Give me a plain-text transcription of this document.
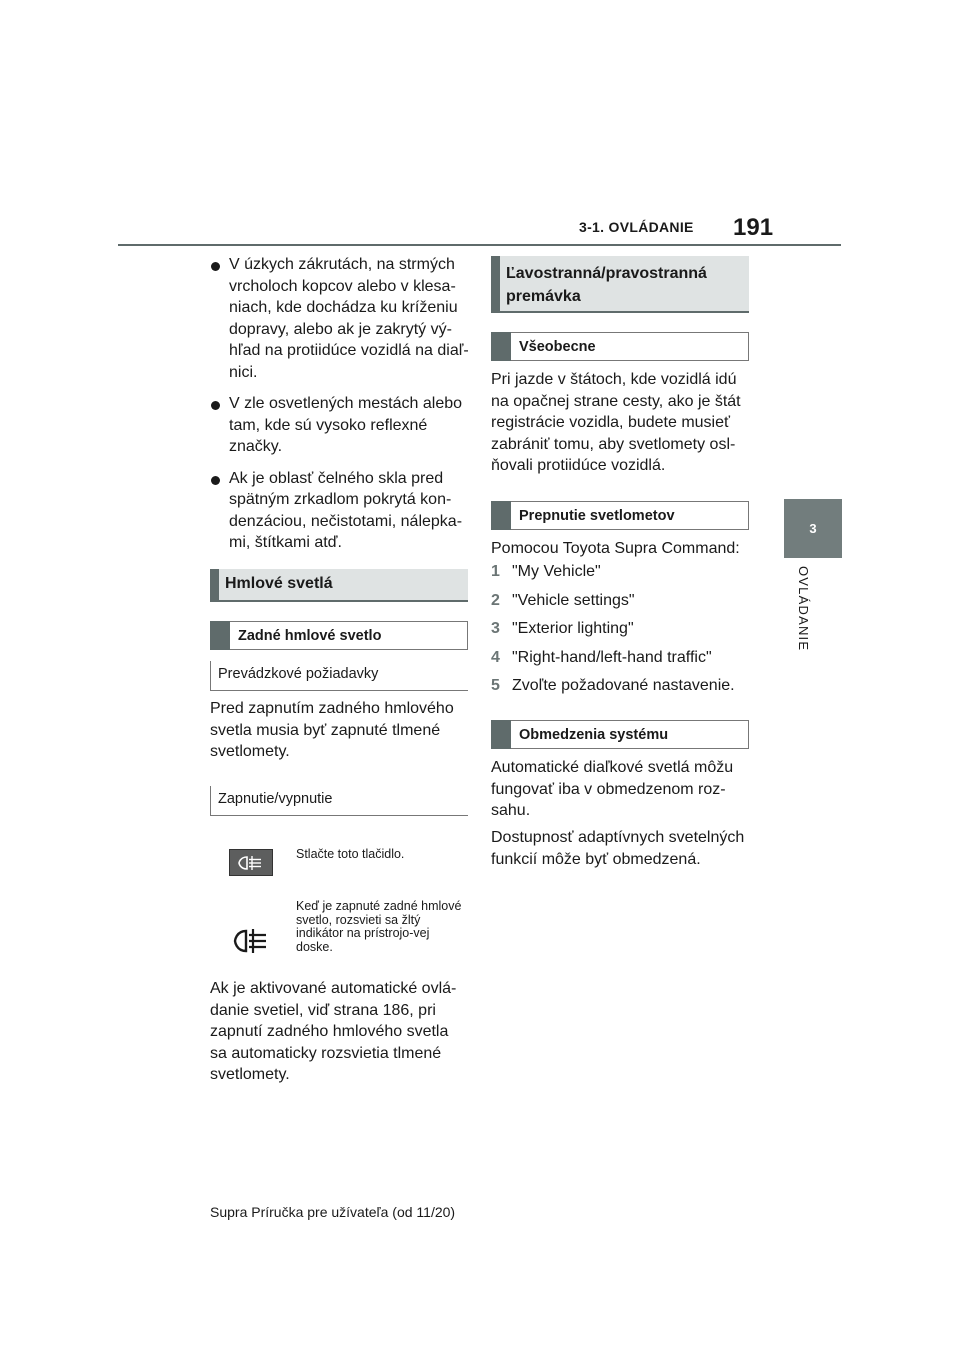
3-1. OVLÁDANIE 191
3
OVLÁDANIE
V úzkych zákrutách, na strmých vrcholoch kopcov alebo v klesa-niach, kde dochádza ku kríženiu dopravy, alebo ak je zakrytý vý-hľad na protiidúce vozidlá na diaľ-nici.
V zle osvetlených mestách alebo tam, kde sú vysoko reflexné značky.
Ak je oblasť čelného skla pred spätným zrkadlom pokrytá kon-denzáciou, nečistotami, nálepka-mi, štítkami atď.
Hmlové svetlá
Zadné hmlové svetlo
Prevádzkové požiadavky

Pred zapnutím zadného hmlového svetla musia byť zapnuté tlmené svetlomety.

Zapnutie/vypnutie
Stlačte toto tlačidlo.
Keď je zapnuté zadné hmlové svetlo, rozsvieti sa žltý indikátor na prístrojo-vej doske.

Ak je aktivované automatické ovlá-danie svetiel, viď strana 186, pri zapnutí zadného hmlového svetla sa automaticky rozsvietia tlmené svetlomety.

Ľavostranná/pravostranná
premávka
Všeobecne

Pri jazde v štátoch, kde vozidlá idú na opačnej strane cesty, ako je štát registrácie vozidla, budete musieť zabrániť tomu, aby svetlomety osl-ňovali protiidúce vozidlá.

Prepnutie svetlometov

Pomocou Toyota Supra Command:

1 "My Vehicle"
2 "Vehicle settings"
3 "Exterior lighting"
4 "Right-hand/left-hand traffic"
5 Zvoľte požadované nastavenie.
Obmedzenia systému

Automatické diaľkové svetlá môžu fungovať iba v obmedzenom roz-sahu.

Dostupnosť adaptívnych svetelných funkcií môže byť obmedzená.

Supra Príručka pre užívateľa (od 11/20)
